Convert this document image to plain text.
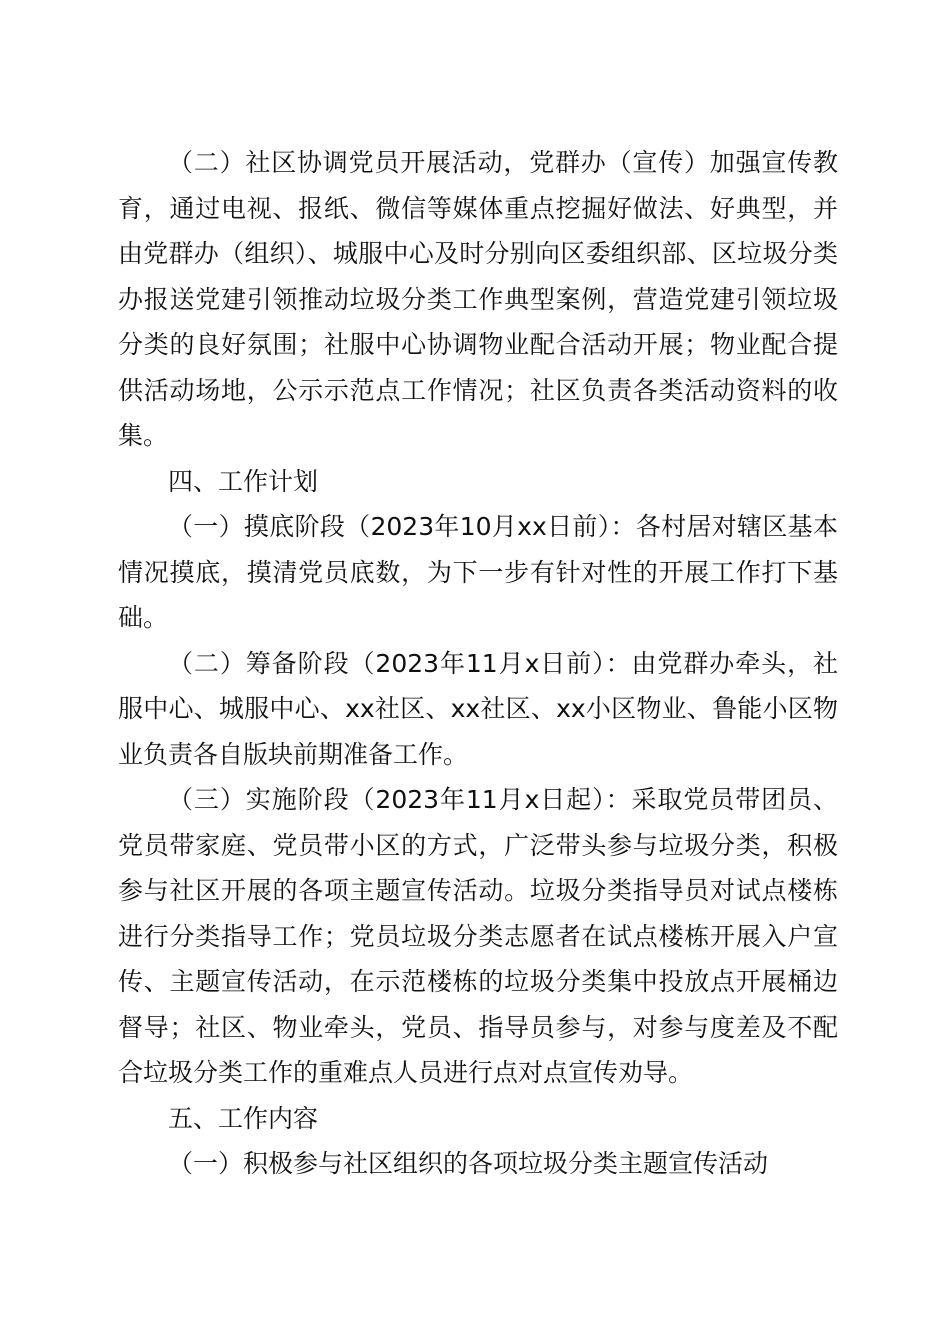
（二）社区协调党员开展活动，党群办（宣传）加强宣传教育，通过电视、报纸、微信等媒体重点挖掘好做法、好典型，并由党群办（组织）、城服中心及时分别向区委组织部、区垃圾分类办报送党建引领推动垃圾分类工作典型案例，营造党建引领垃圾分类的良好氛围；社服中心协调物业配合活动开展；物业配合提供活动场地，公示示范点工作情况；社区负责各类活动资料的收集。

四、工作计划

（一）摸底阶段（2023年10月xx日前）：各村居对辖区基本情况摸底，摸清党员底数，为下一步有针对性的开展工作打下基础。

（二）筹备阶段（2023年11月x日前）：由党群办牵头，社服中心、城服中心、xx社区、xx社区、xx小区物业、鲁能小区物业负责各自版块前期准备工作。

（三）实施阶段（2023年11月x日起）：采取党员带团员、党员带家庭、党员带小区的方式，广泛带头参与垃圾分类，积极参与社区开展的各项主题宣传活动。垃圾分类指导员对试点楼栋进行分类指导工作；党员垃圾分类志愿者在试点楼栋开展入户宣传、主题宣传活动，在示范楼栋的垃圾分类集中投放点开展桶边督导；社区、物业牵头，党员、指导员参与，对参与度差及不配合垃圾分类工作的重难点人员进行点对点宣传劝导。

五、工作内容

（一）积极参与社区组织的各项垃圾分类主题宣传活动
